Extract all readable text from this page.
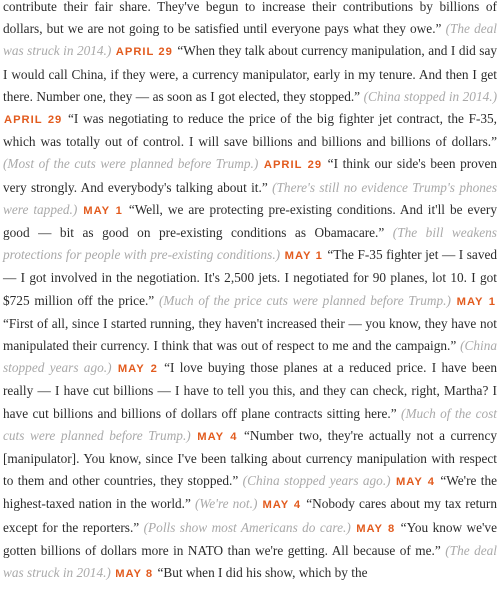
contribute their fair share. They've begun to increase their contributions by billions of dollars, but we are not going to be satisfied until everyone pays what they owe.” (The deal was struck in 2014.) APRIL 29 “When they talk about currency manipulation, and I did say I would call China, if they were, a currency manipulator, early in my tenure. And then I get there. Number one, they — as soon as I got elected, they stopped.” (China stopped in 2014.) APRIL 29 “I was negotiating to reduce the price of the big fighter jet contract, the F-35, which was totally out of control. I will save billions and billions and billions of dollars.” (Most of the cuts were planned before Trump.) APRIL 29 “I think our side's been proven very strongly. And everybody's talking about it.” (There's still no evidence Trump's phones were tapped.) MAY 1 “Well, we are protecting pre-existing conditions. And it'll be every good — bit as good on pre-existing conditions as Obamacare.” (The bill weakens protections for people with pre-existing conditions.) MAY 1 “The F-35 fighter jet — I saved — I got involved in the negotiation. It's 2,500 jets. I negotiated for 90 planes, lot 10. I got $725 million off the price.” (Much of the price cuts were planned before Trump.) MAY 1 “First of all, since I started running, they haven't increased their — you know, they have not manipulated their currency. I think that was out of respect to me and the campaign.” (China stopped years ago.) MAY 2 “I love buying those planes at a reduced price. I have been really — I have cut billions — I have to tell you this, and they can check, right, Martha? I have cut billions and billions of dollars off plane contracts sitting here.” (Much of the cost cuts were planned before Trump.) MAY 4 “Number two, they're actually not a currency [manipulator]. You know, since I've been talking about currency manipulation with respect to them and other countries, they stopped.” (China stopped years ago.) MAY 4 “We're the highest-taxed nation in the world.” (We're not.) MAY 4 “Nobody cares about my tax return except for the reporters.” (Polls show most Americans do care.) MAY 8 “You know we've gotten billions of dollars more in NATO than we're getting. All because of me.” (The deal was struck in 2014.) MAY 8 “But when I did his show, which by the
